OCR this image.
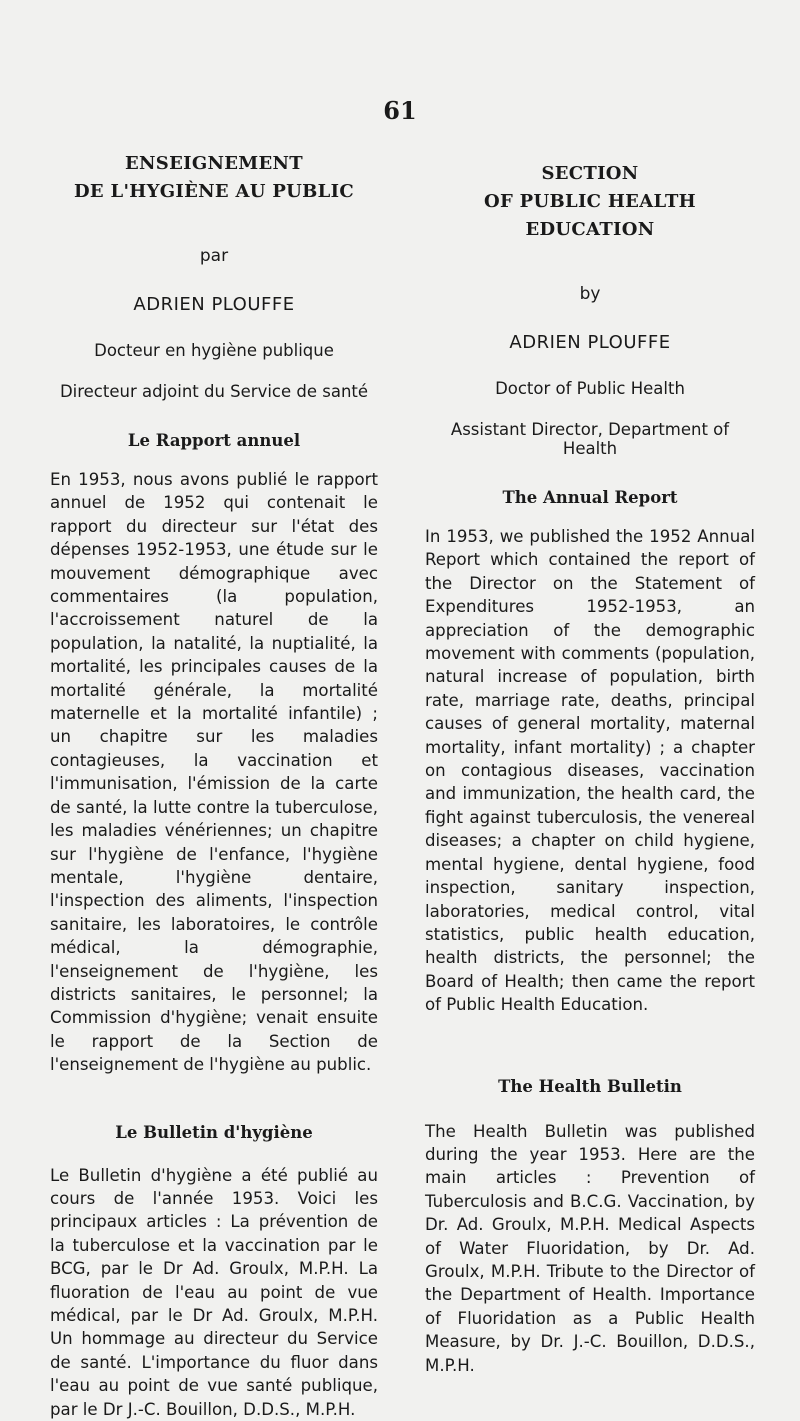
61
ENSEIGNEMENT
DE L'HYGIÈNE AU PUBLIC
par
ADRIEN PLOUFFE
Docteur en hygiène publique
Directeur adjoint du Service de santé
Le Rapport annuel
En 1953, nous avons publié le rapport annuel de 1952 qui contenait le rapport du directeur sur l'état des dépenses 1952-1953, une étude sur le mouvement démographique avec commentaires (la population, l'accroissement naturel de la population, la natalité, la nuptialité, la mortalité, les principales causes de la mortalité générale, la mortalité maternelle et la mortalité infantile) ; un chapitre sur les maladies contagieuses, la vaccination et l'immunisation, l'émission de la carte de santé, la lutte contre la tuberculose, les maladies vénériennes; un chapitre sur l'hygiène de l'enfance, l'hygiène mentale, l'hygiène dentaire, l'inspection des aliments, l'inspection sanitaire, les laboratoires, le contrôle médical, la démographie, l'enseignement de l'hygiène, les districts sanitaires, le personnel; la Commission d'hygiène; venait ensuite le rapport de la Section de l'enseignement de l'hygiène au public.
Le Bulletin d'hygiène
Le Bulletin d'hygiène a été publié au cours de l'année 1953. Voici les principaux articles : La prévention de la tuberculose et la vaccination par le BCG, par le Dr Ad. Groulx, M.P.H. La fluoration de l'eau au point de vue médical, par le Dr Ad. Groulx, M.P.H. Un hommage au directeur du Service de santé. L'importance du fluor dans l'eau au point de vue santé publique, par le Dr J.-C. Bouillon, D.D.S., M.P.H.
SECTION
OF PUBLIC HEALTH EDUCATION
by
ADRIEN PLOUFFE
Doctor of Public Health
Assistant Director, Department of Health
The Annual Report
In 1953, we published the 1952 Annual Report which contained the report of the Director on the Statement of Expenditures 1952-1953, an appreciation of the demographic movement with comments (population, natural increase of population, birth rate, marriage rate, deaths, principal causes of general mortality, maternal mortality, infant mortality) ; a chapter on contagious diseases, vaccination and immunization, the health card, the fight against tuberculosis, the venereal diseases; a chapter on child hygiene, mental hygiene, dental hygiene, food inspection, sanitary inspection, laboratories, medical control, vital statistics, public health education, health districts, the personnel; the Board of Health; then came the report of Public Health Education.
The Health Bulletin
The Health Bulletin was published during the year 1953. Here are the main articles : Prevention of Tuberculosis and B.C.G. Vaccination, by Dr. Ad. Groulx, M.P.H. Medical Aspects of Water Fluoridation, by Dr. Ad. Groulx, M.P.H. Tribute to the Director of the Department of Health. Importance of Fluoridation as a Public Health Measure, by Dr. J.-C. Bouillon, D.D.S., M.P.H.
